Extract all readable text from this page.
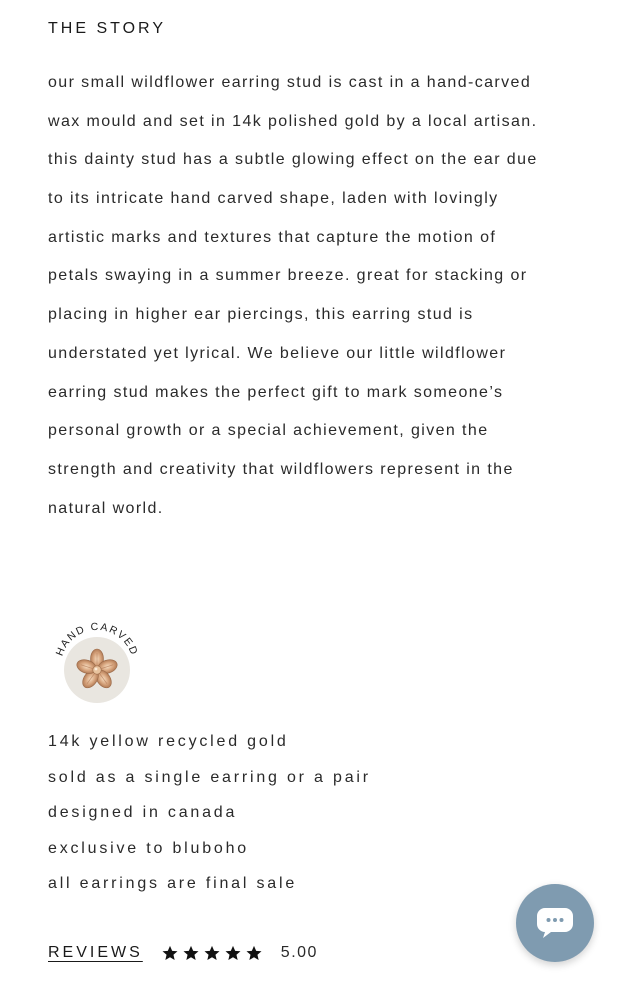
THE STORY
our small wildflower earring stud is cast in a hand-carved
wax mould and set in 14k polished gold by a local artisan.
this dainty stud has a subtle glowing effect on the ear due
to its intricate hand carved shape, laden with lovingly
artistic marks and textures that capture the motion of
petals swaying in a summer breeze. great for stacking or
placing in higher ear piercings, this earring stud is
understated yet lyrical. We believe our little wildflower
earring stud makes the perfect gift to mark someone’s
personal growth or a special achievement, given the
strength and creativity that wildflowers represent in the
natural world.
HAND CARVED
14k yellow recycled gold
sold as a single earring or a pair
designed in canada
exclusive to bluboho
all earrings are final sale
REVIEWS	5.00
